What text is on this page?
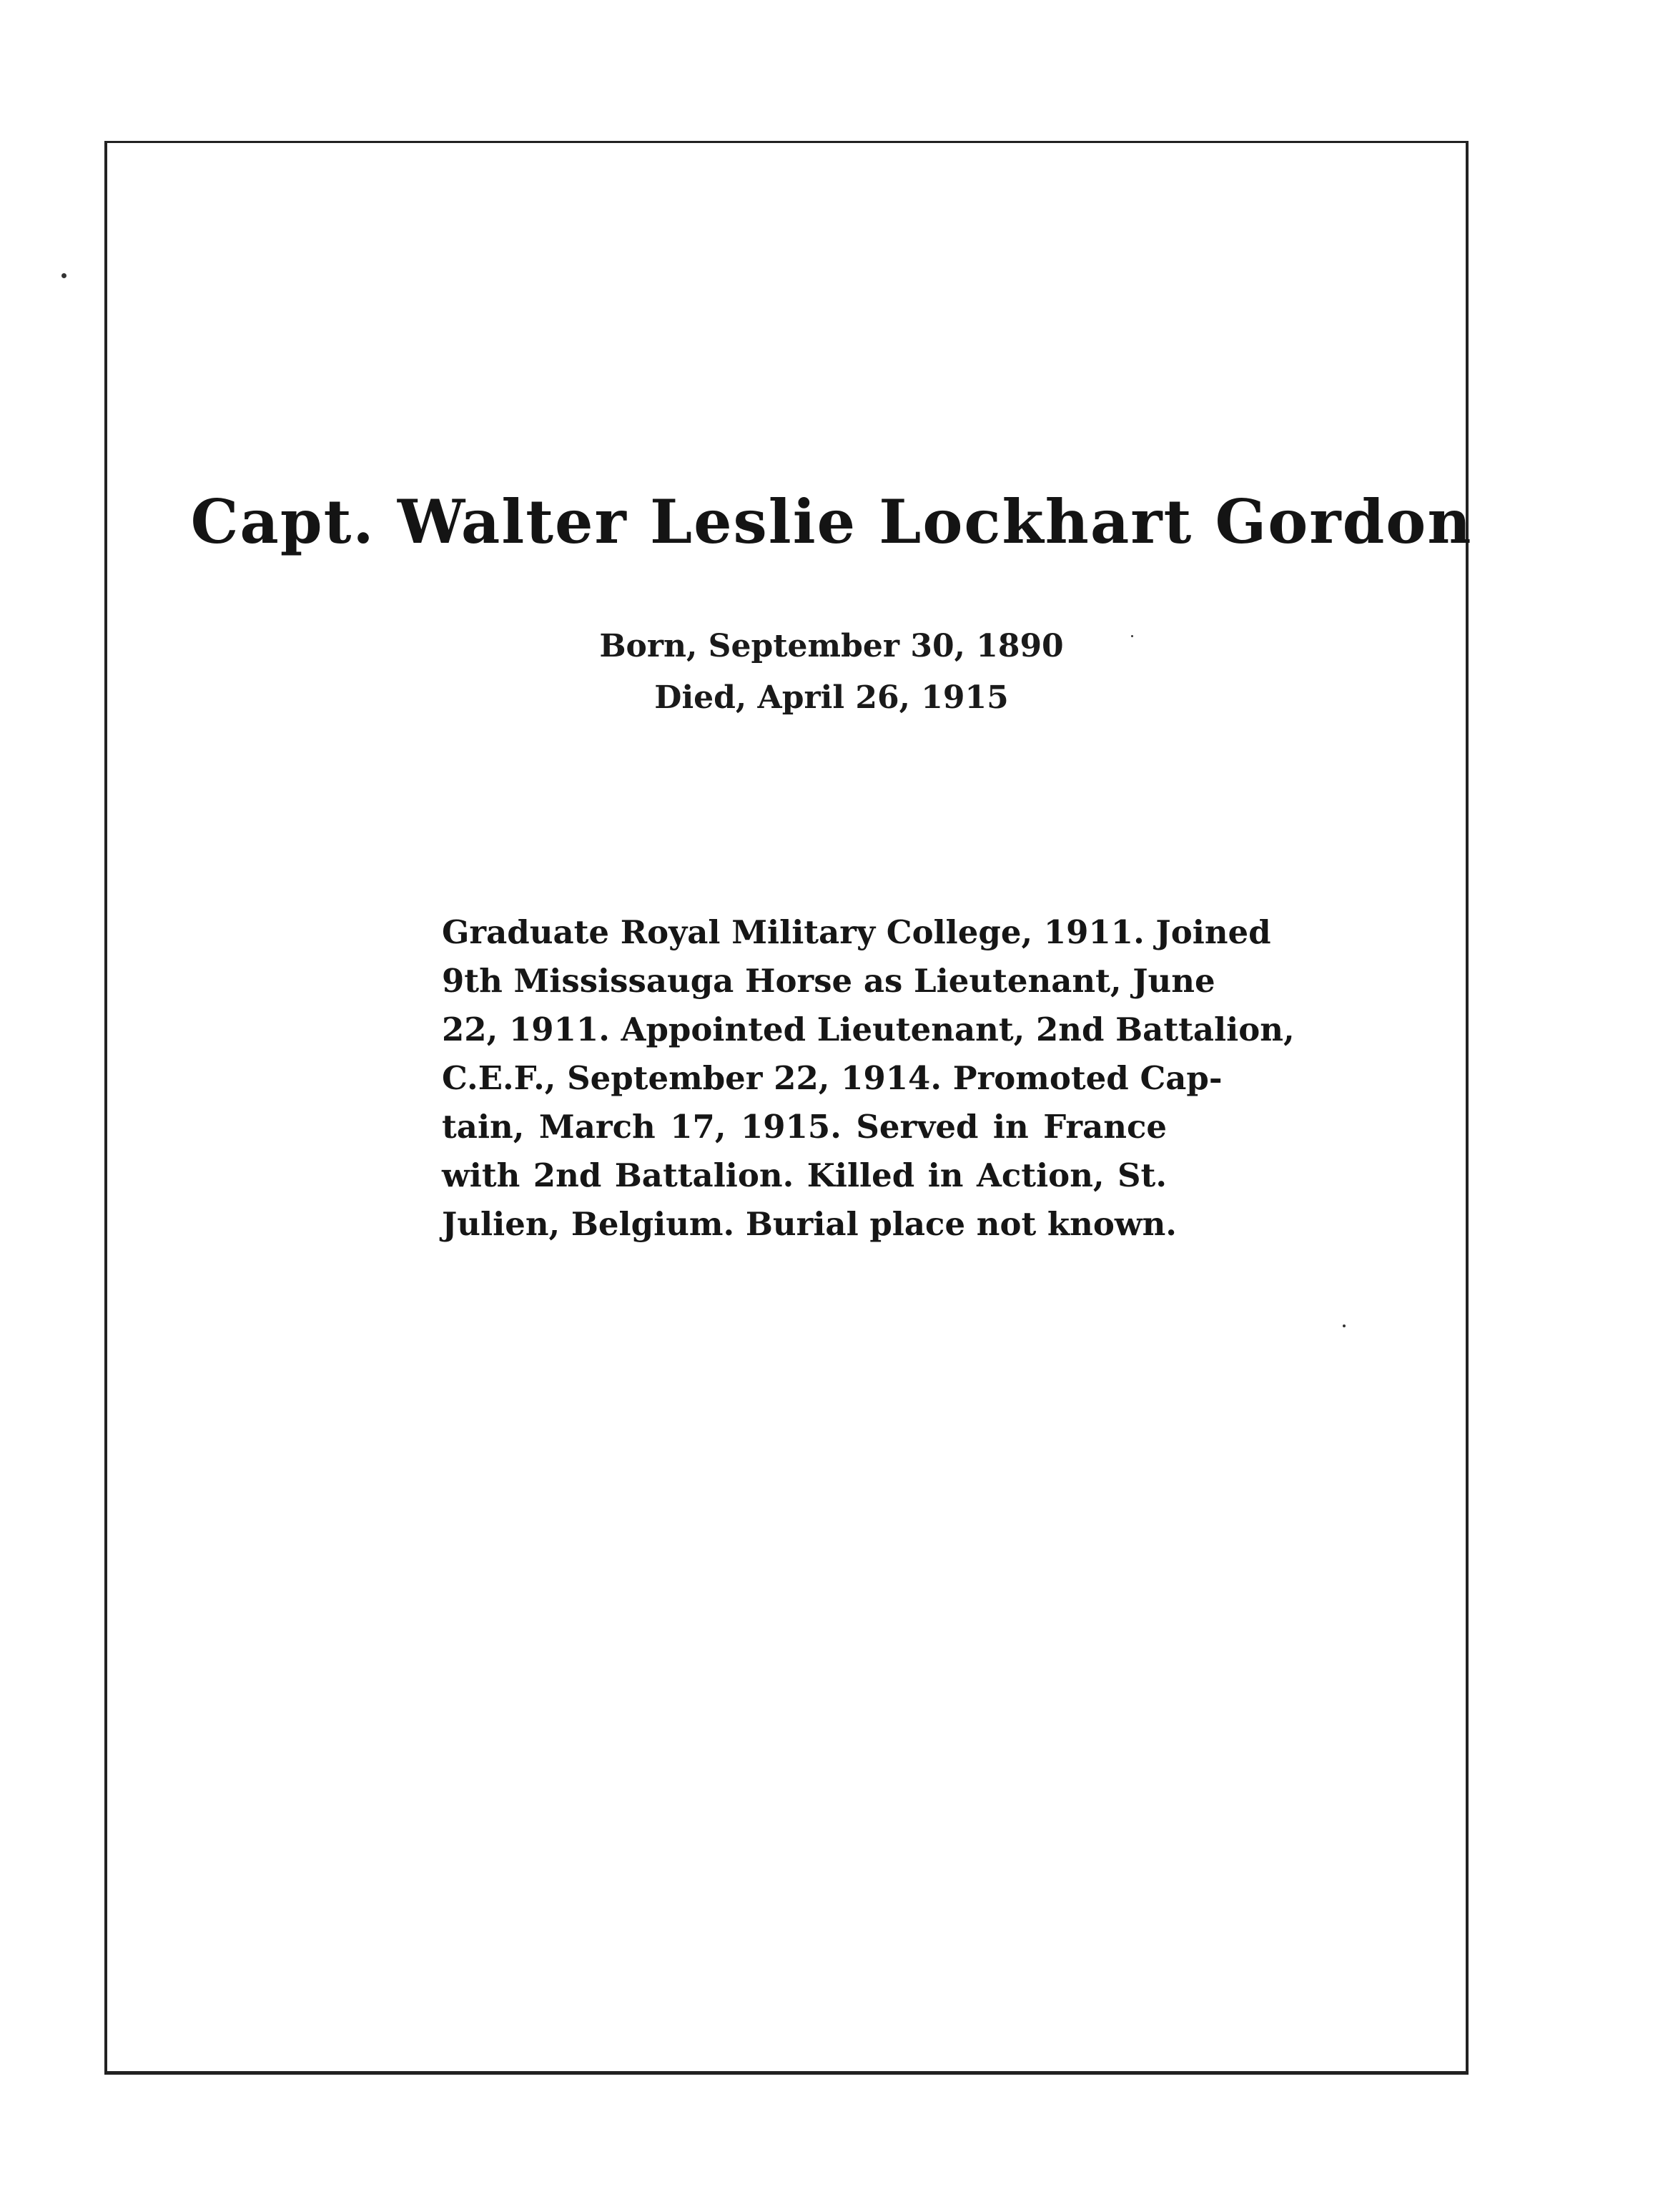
Capt. Walter Leslie Lockhart Gordon
Born, September 30, 1890
Died, April 26, 1915
Graduate Royal Military College, 1911. Joined
9th Mississauga Horse as Lieutenant, June
22, 1911. Appointed Lieutenant, 2nd Battalion,
C.E.F., September 22, 1914. Promoted Cap-
tain, March 17, 1915. Served in France
with 2nd Battalion. Killed in Action, St.
Julien, Belgium. Burial place not known.
